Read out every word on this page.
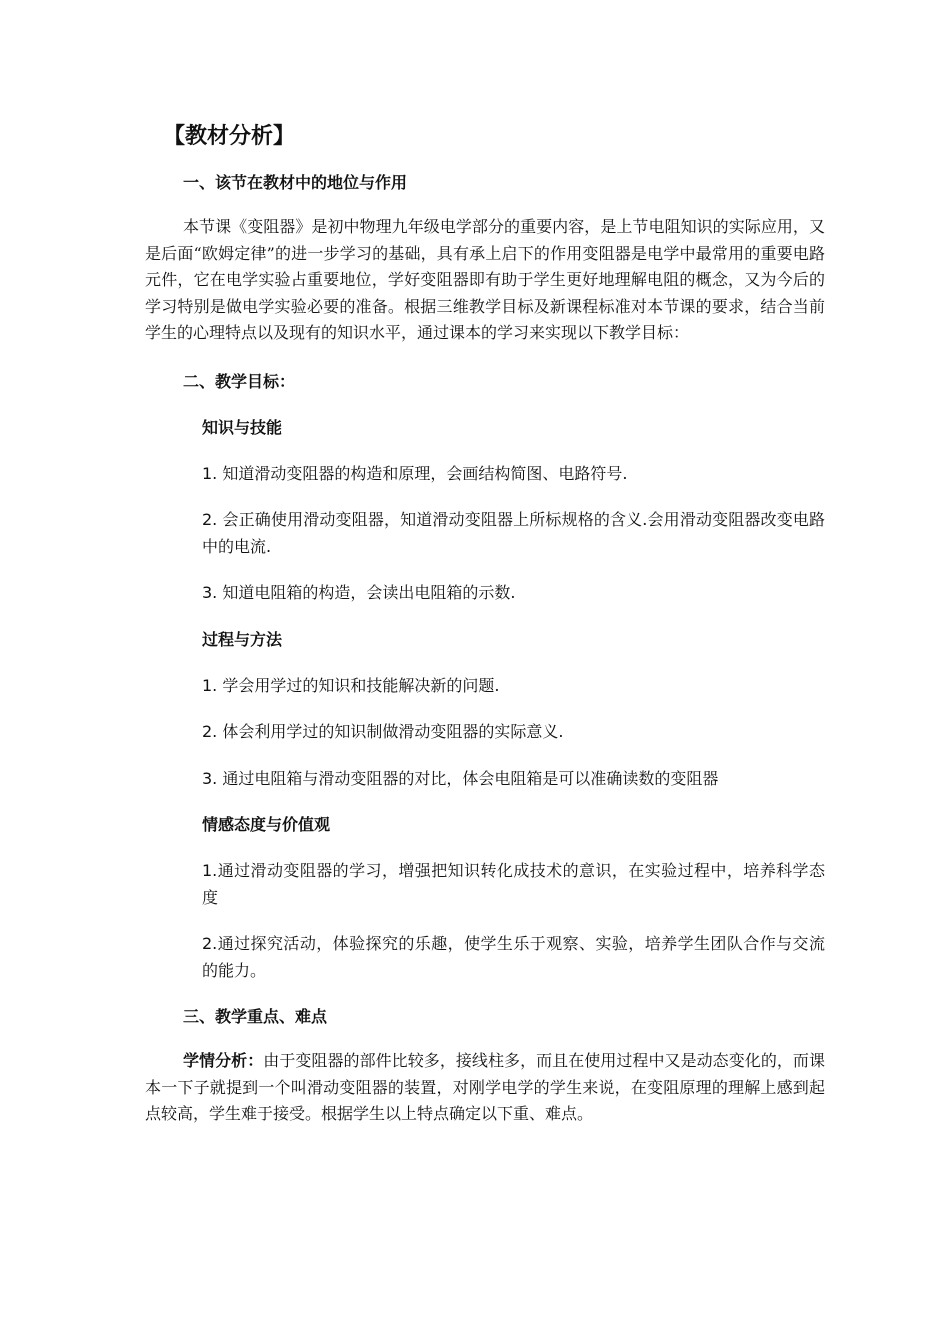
【教材分析】
一、该节在教材中的地位与作用
本节课《变阻器》是初中物理九年级电学部分的重要内容，是上节电阻知识的实际应用，又是后面“欧姆定律”的进一步学习的基础，具有承上启下的作用变阻器是电学中最常用的重要电路元件，它在电学实验占重要地位，学好变阻器即有助于学生更好地理解电阻的概念，又为今后的学习特别是做电学实验必要的准备。根据三维教学目标及新课程标准对本节课的要求，结合当前学生的心理特点以及现有的知识水平，通过课本的学习来实现以下教学目标：
二、教学目标：
知识与技能
1. 知道滑动变阻器的构造和原理，会画结构简图、电路符号.
2. 会正确使用滑动变阻器，知道滑动变阻器上所标规格的含义.会用滑动变阻器改变电路中的电流.
3. 知道电阻箱的构造，会读出电阻箱的示数.
过程与方法
1. 学会用学过的知识和技能解决新的问题.
2. 体会利用学过的知识制做滑动变阻器的实际意义.
3. 通过电阻箱与滑动变阻器的对比，体会电阻箱是可以准确读数的变阻器
情感态度与价值观
1.通过滑动变阻器的学习，增强把知识转化成技术的意识，在实验过程中，培养科学态度
2.通过探究活动，体验探究的乐趣，使学生乐于观察、实验，培养学生团队合作与交流的能力。
三、教学重点、难点
学情分析：由于变阻器的部件比较多，接线柱多，而且在使用过程中又是动态变化的，而课本一下子就提到一个叫滑动变阻器的装置，对刚学电学的学生来说，在变阻原理的理解上感到起点较高，学生难于接受。根据学生以上特点确定以下重、难点。
